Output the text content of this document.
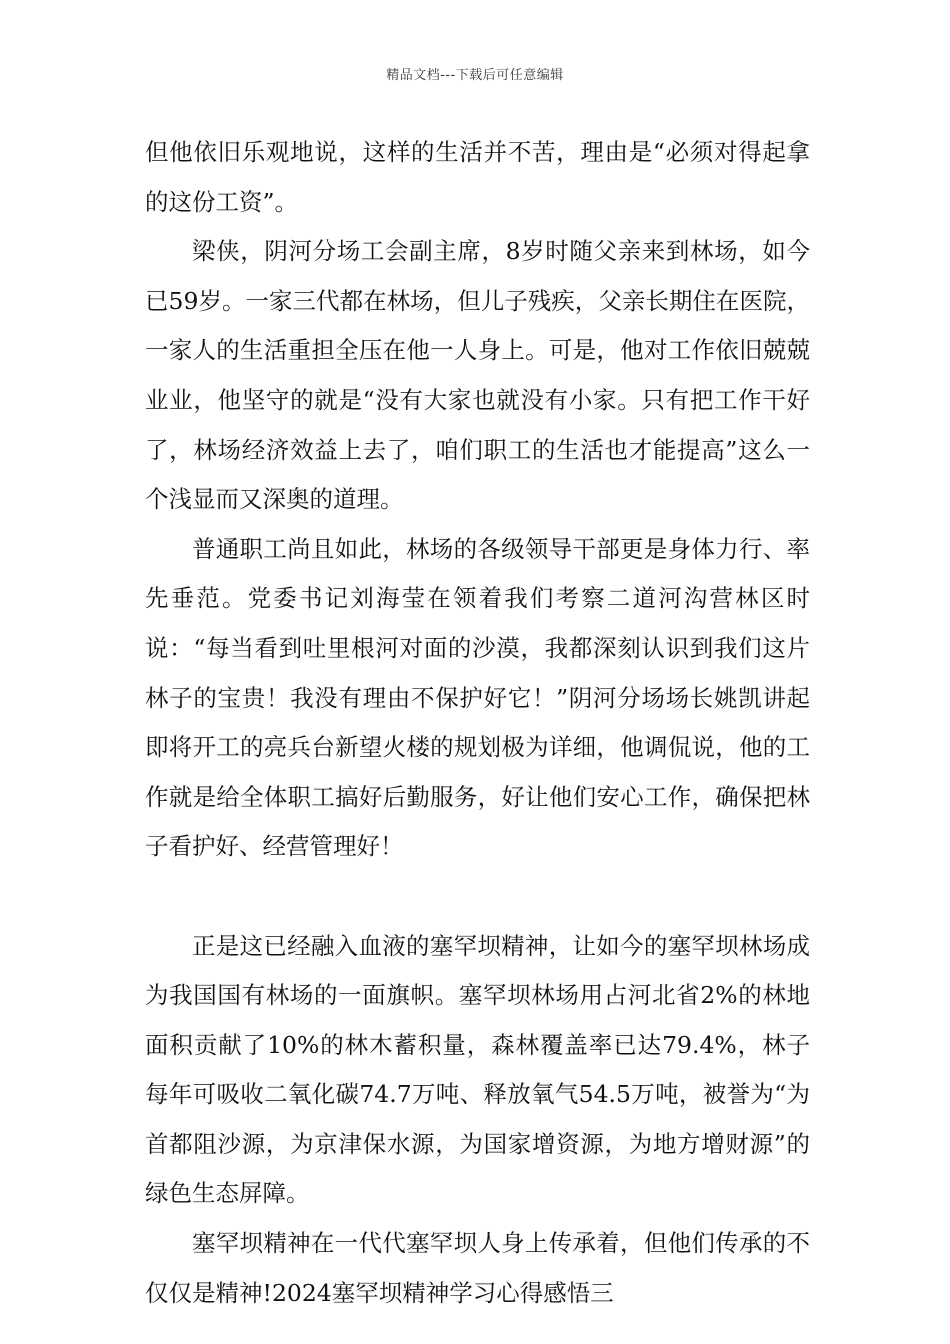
精品文档---下载后可任意编辑

但他依旧乐观地说，这样的生活并不苦，理由是“必须对得起拿的这份工资”。

梁侠，阴河分场工会副主席，8岁时随父亲来到林场，如今已59岁。一家三代都在林场，但儿子残疾，父亲长期住在医院，一家人的生活重担全压在他一人身上。可是，他对工作依旧兢兢业业，他坚守的就是“没有大家也就没有小家。只有把工作干好了，林场经济效益上去了，咱们职工的生活也才能提高”这么一个浅显而又深奥的道理。

普通职工尚且如此，林场的各级领导干部更是身体力行、率先垂范。党委书记刘海莹在领着我们考察二道河沟营林区时说：“每当看到吐里根河对面的沙漠，我都深刻认识到我们这片林子的宝贵！我没有理由不保护好它！”阴河分场场长姚凯讲起即将开工的亮兵台新望火楼的规划极为详细，他调侃说，他的工作就是给全体职工搞好后勤服务，好让他们安心工作，确保把林子看护好、经营管理好！

正是这已经融入血液的塞罕坝精神，让如今的塞罕坝林场成为我国国有林场的一面旗帜。塞罕坝林场用占河北省2%的林地面积贡献了10%的林木蓄积量，森林覆盖率已达79.4%，林子每年可吸收二氧化碳74.7万吨、释放氧气54.5万吨，被誉为“为首都阻沙源，为京津保水源，为国家增资源，为地方增财源”的绿色生态屏障。

塞罕坝精神在一代代塞罕坝人身上传承着，但他们传承的不仅仅是精神!2024塞罕坝精神学习心得感悟三
